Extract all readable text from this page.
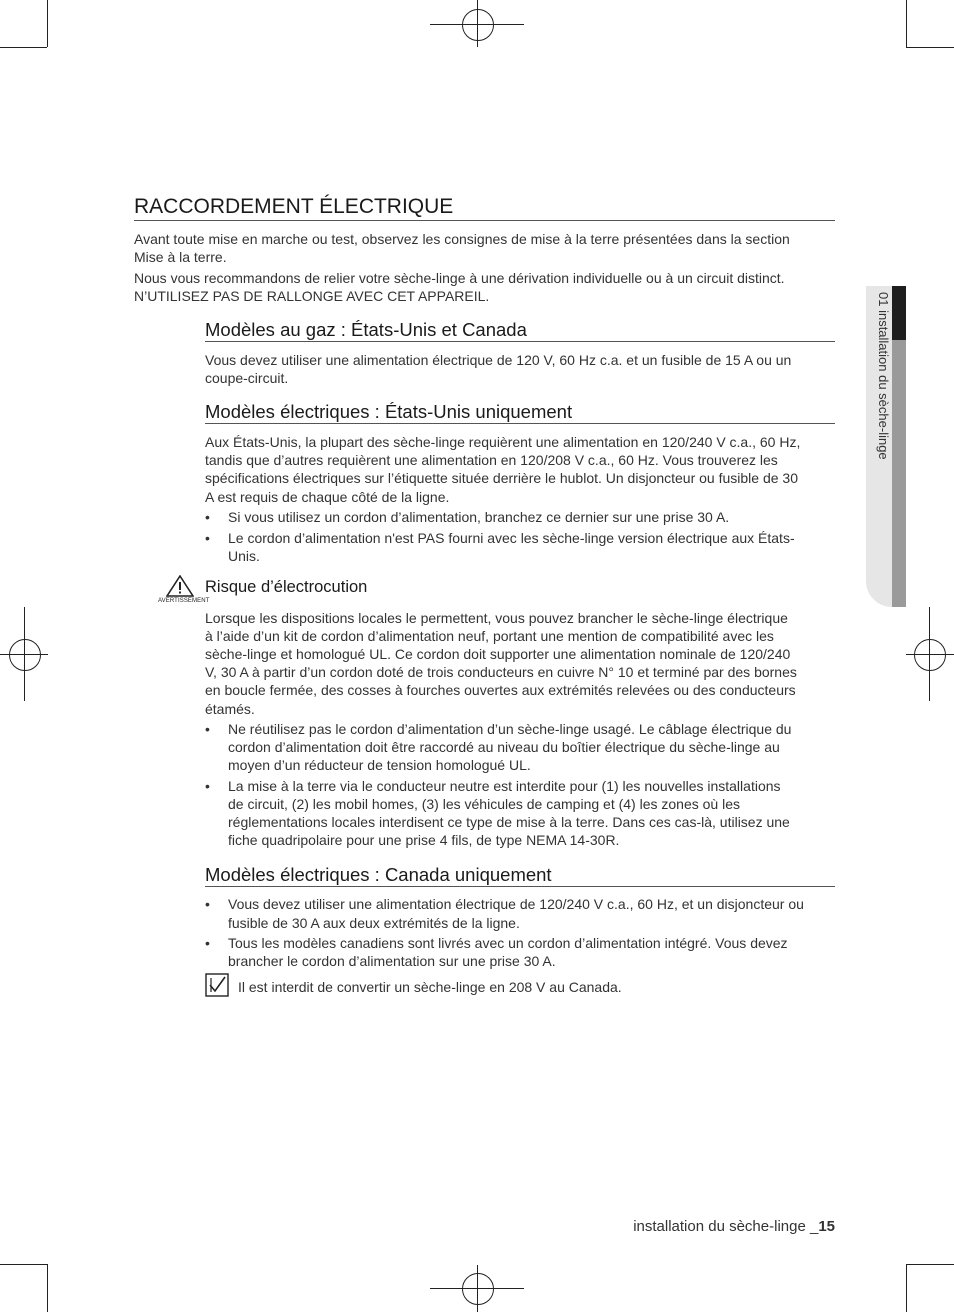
01 installation du sèche-linge
RACCORDEMENT ÉLECTRIQUE

Avant toute mise en marche ou test, observez les consignes de mise à la terre présentées dans la section

Mise à la terre.

Nous vous recommandons de relier votre sèche-linge à une dérivation individuelle ou à un circuit distinct.

N’UTILISEZ PAS DE RALLONGE AVEC CET APPAREIL.

Modèles au gaz : États-Unis et Canada

Vous devez utiliser une alimentation électrique de 120 V, 60 Hz c.a. et un fusible de 15 A ou un

coupe-circuit.

Modèles électriques : États-Unis uniquement

Aux États-Unis, la plupart des sèche-linge requièrent une alimentation en 120/240 V c.a., 60 Hz,

tandis que d’autres requièrent une alimentation en 120/208 V c.a., 60 Hz. Vous trouverez les

spécifications électriques sur l’étiquette située derrière le hublot. Un disjoncteur ou fusible de 30

A est requis de chaque côté de la ligne.

•	Si vous utilisez un cordon d’alimentation, branchez ce dernier sur une prise 30 A.
•	Le cordon d’alimentation n'est PAS fourni avec les sèche-linge version électrique aux États-
Unis.
AVERTISSEMENT
Risque d’électrocution

Lorsque les dispositions locales le permettent, vous pouvez brancher le sèche-linge électrique

à l’aide d’un kit de cordon d’alimentation neuf, portant une mention de compatibilité avec les

sèche-linge et homologué UL. Ce cordon doit supporter une alimentation nominale de 120/240

V, 30 A à partir d’un cordon doté de trois conducteurs en cuivre N° 10 et terminé par des bornes

en boucle fermée, des cosses à fourches ouvertes aux extrémités relevées ou des conducteurs

étamés.

•	Ne réutilisez pas le cordon d’alimentation d’un sèche-linge usagé. Le câblage électrique du
cordon d’alimentation doit être raccordé au niveau du boîtier électrique du sèche-linge au
moyen d’un réducteur de tension homologué UL.
•	La mise à la terre via le conducteur neutre est interdite pour (1) les nouvelles installations
de circuit, (2) les mobil homes, (3) les véhicules de camping et (4) les zones où les
réglementations locales interdisent ce type de mise à la terre. Dans ces cas-là, utilisez une
fiche quadripolaire pour une prise 4 fils, de type NEMA 14-30R.
Modèles électriques : Canada uniquement
•	Vous devez utiliser une alimentation électrique de 120/240 V c.a., 60 Hz, et un disjoncteur ou
fusible de 30 A aux deux extrémités de la ligne.
•	Tous les modèles canadiens sont livrés avec un cordon d’alimentation intégré. Vous devez
brancher le cordon d’alimentation sur une prise 30 A.

Il est interdit de convertir un sèche-linge en 208 V au Canada.

installation du sèche-linge _15
